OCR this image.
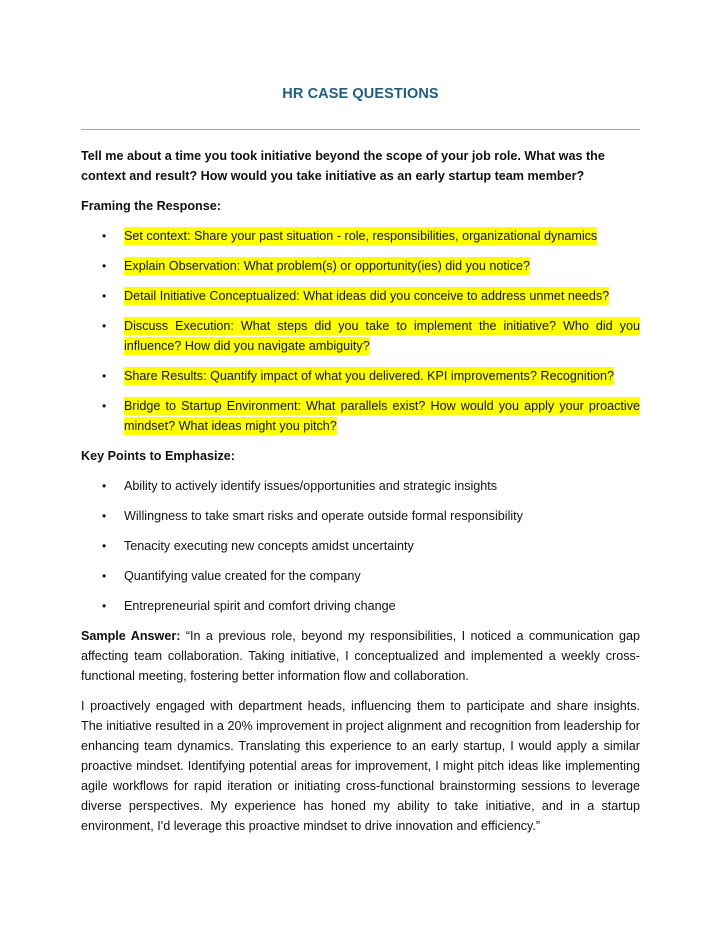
HR CASE QUESTIONS

Tell me about a time you took initiative beyond the scope of your job role. What was the context and result? How would you take initiative as an early startup team member?

Framing the Response:

• Set context: Share your past situation - role, responsibilities, organizational dynamics
• Explain Observation: What problem(s) or opportunity(ies) did you notice?
• Detail Initiative Conceptualized: What ideas did you conceive to address unmet needs?
• Discuss Execution: What steps did you take to implement the initiative? Who did you influence? How did you navigate ambiguity?
• Share Results: Quantify impact of what you delivered. KPI improvements? Recognition?
• Bridge to Startup Environment: What parallels exist? How would you apply your proactive mindset? What ideas might you pitch?

Key Points to Emphasize:

• Ability to actively identify issues/opportunities and strategic insights
• Willingness to take smart risks and operate outside formal responsibility
• Tenacity executing new concepts amidst uncertainty
• Quantifying value created for the company
• Entrepreneurial spirit and comfort driving change

Sample Answer: “In a previous role, beyond my responsibilities, I noticed a communication gap affecting team collaboration. Taking initiative, I conceptualized and implemented a weekly cross-functional meeting, fostering better information flow and collaboration.

I proactively engaged with department heads, influencing them to participate and share insights. The initiative resulted in a 20% improvement in project alignment and recognition from leadership for enhancing team dynamics. Translating this experience to an early startup, I would apply a similar proactive mindset. Identifying potential areas for improvement, I might pitch ideas like implementing agile workflows for rapid iteration or initiating cross-functional brainstorming sessions to leverage diverse perspectives. My experience has honed my ability to take initiative, and in a startup environment, I'd leverage this proactive mindset to drive innovation and efficiency.”
